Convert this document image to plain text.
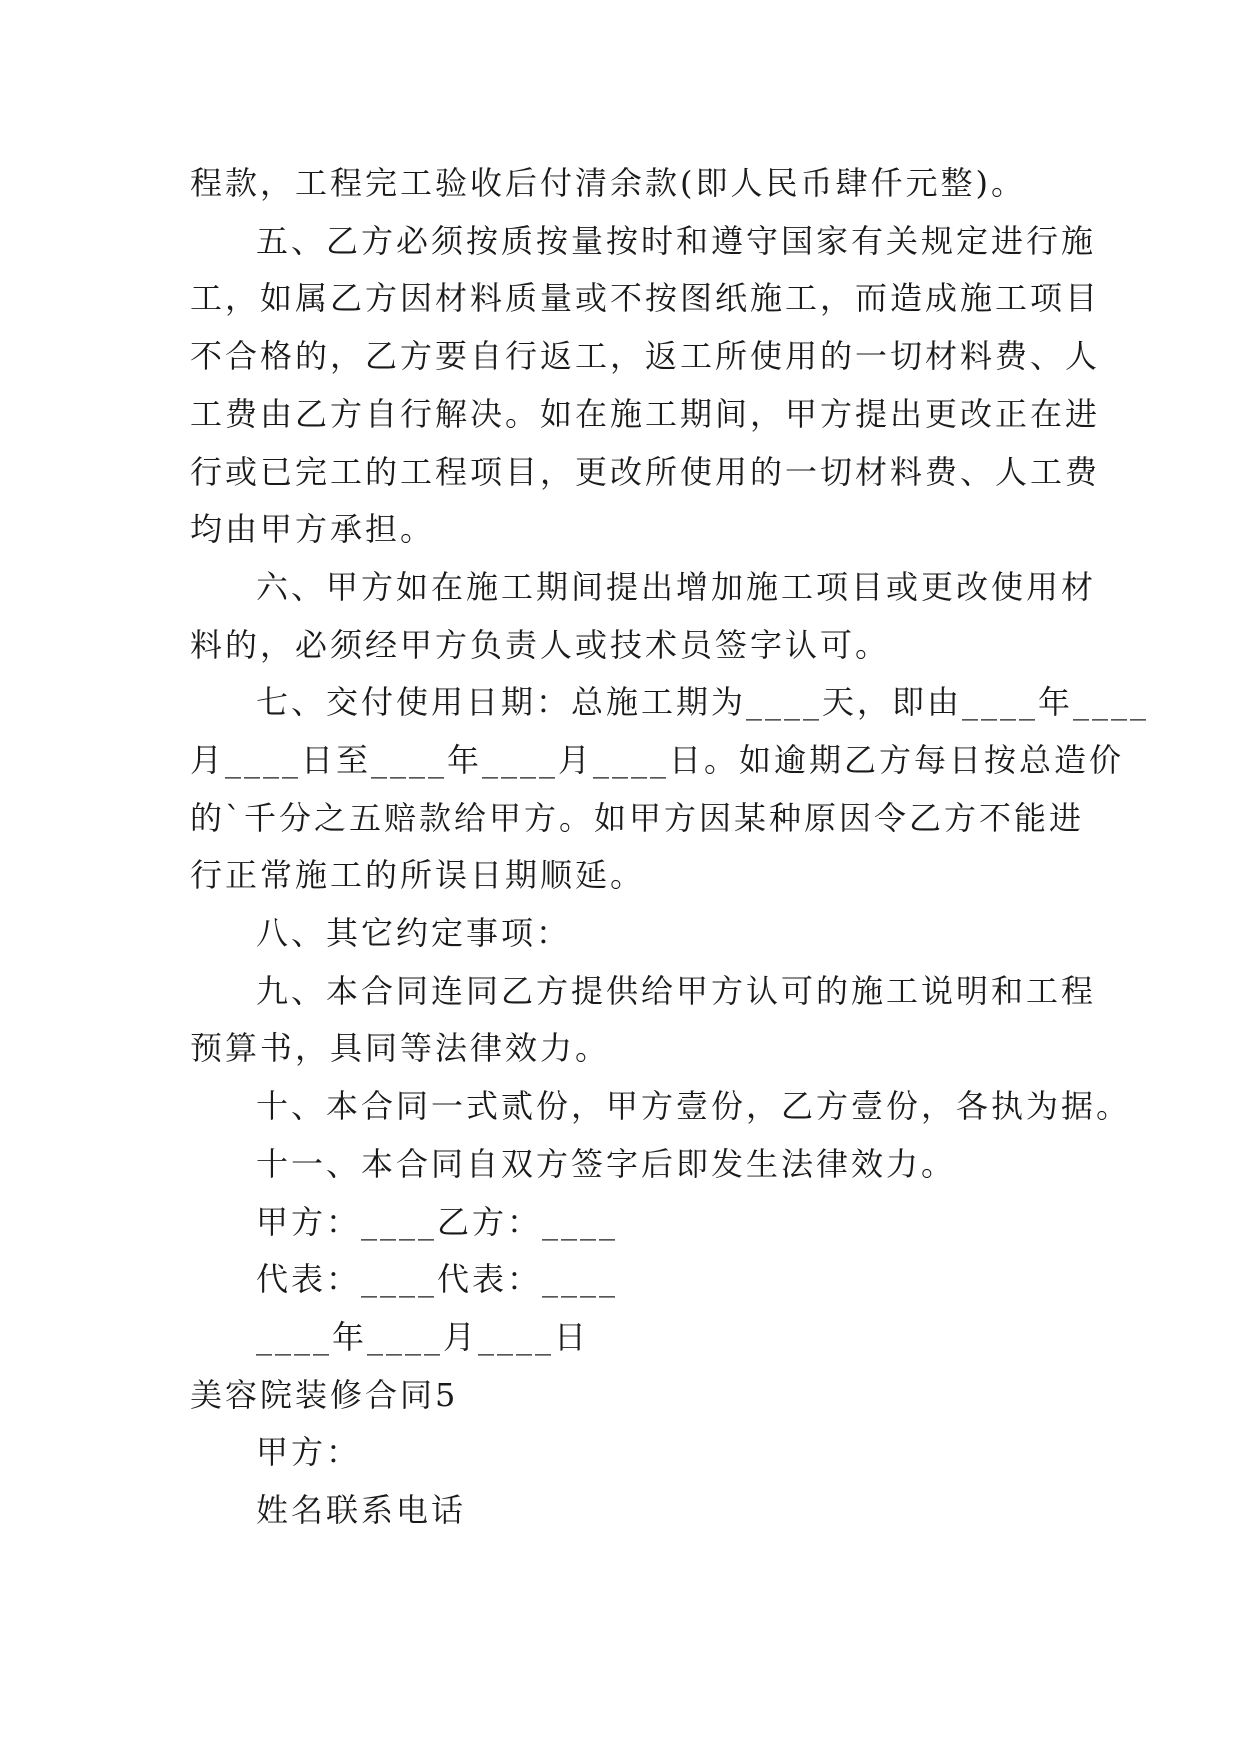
程款，工程完工验收后付清余款(即人民币肆仟元整)。
五、乙方必须按质按量按时和遵守国家有关规定进行施
工，如属乙方因材料质量或不按图纸施工，而造成施工项目
不合格的，乙方要自行返工，返工所使用的一切材料费、人
工费由乙方自行解决。如在施工期间，甲方提出更改正在进
行或已完工的工程项目，更改所使用的一切材料费、人工费
均由甲方承担。
六、甲方如在施工期间提出增加施工项目或更改使用材
料的，必须经甲方负责人或技术员签字认可。
七、交付使用日期：总施工期为____天，即由____年____
月____日至____年____月____日。如逾期乙方每日按总造价
的`千分之五赔款给甲方。如甲方因某种原因令乙方不能进
行正常施工的所误日期顺延。
八、其它约定事项：
九、本合同连同乙方提供给甲方认可的施工说明和工程
预算书，具同等法律效力。
十、本合同一式贰份，甲方壹份，乙方壹份，各执为据。
十一、本合同自双方签字后即发生法律效力。
甲方：____乙方：____
代表：____代表：____
____年____月____日
美容院装修合同5
甲方：
姓名联系电话
